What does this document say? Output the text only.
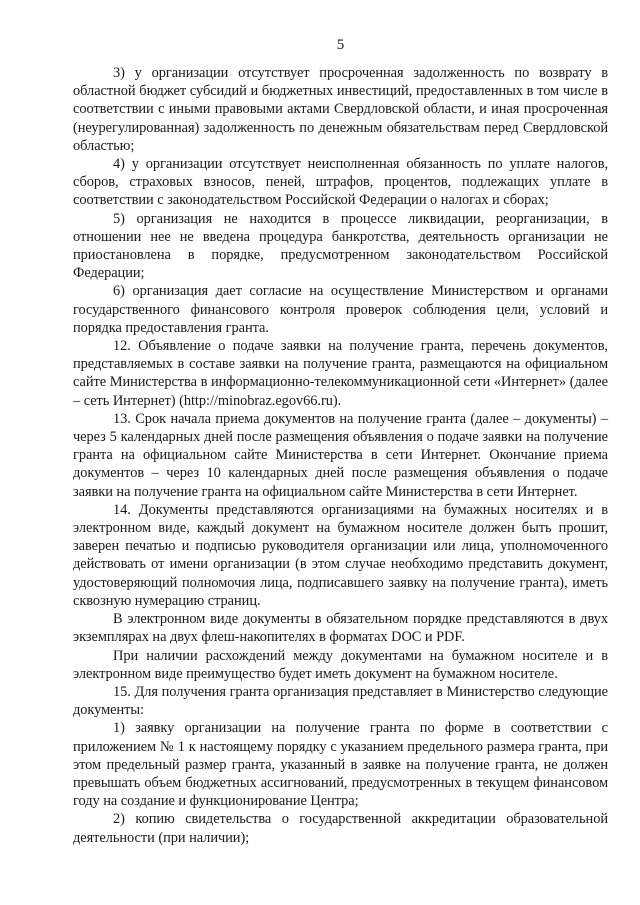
5

3) у организации отсутствует просроченная задолженность по возврату в областной бюджет субсидий и бюджетных инвестиций, предоставленных в том числе в соответствии с иными правовыми актами Свердловской области, и иная просроченная (неурегулированная) задолженность по денежным обязательствам перед Свердловской областью;

4) у организации отсутствует неисполненная обязанность по уплате налогов, сборов, страховых взносов, пеней, штрафов, процентов, подлежащих уплате в соответствии с законодательством Российской Федерации о налогах и сборах;

5) организация не находится в процессе ликвидации, реорганизации, в отношении нее не введена процедура банкротства, деятельность организации не приостановлена в порядке, предусмотренном законодательством Российской Федерации;

6) организация дает согласие на осуществление Министерством и органами государственного финансового контроля проверок соблюдения цели, условий и порядка предоставления гранта.

12. Объявление о подаче заявки на получение гранта, перечень документов, представляемых в составе заявки на получение гранта, размещаются на официальном сайте Министерства в информационно-телекоммуникационной сети «Интернет» (далее – сеть Интернет) (http://minobraz.egov66.ru).

13. Срок начала приема документов на получение гранта (далее – документы) – через 5 календарных дней после размещения объявления о подаче заявки на получение гранта на официальном сайте Министерства в сети Интернет. Окончание приема документов – через 10 календарных дней после размещения объявления о подаче заявки на получение гранта на официальном сайте Министерства в сети Интернет.

14. Документы представляются организациями на бумажных носителях и в электронном виде, каждый документ на бумажном носителе должен быть прошит, заверен печатью и подписью руководителя организации или лица, уполномоченного действовать от имени организации (в этом случае необходимо представить документ, удостоверяющий полномочия лица, подписавшего заявку на получение гранта), иметь сквозную нумерацию страниц.

В электронном виде документы в обязательном порядке представляются в двух экземплярах на двух флеш-накопителях в форматах DOC и PDF.

При наличии расхождений между документами на бумажном носителе и в электронном виде преимущество будет иметь документ на бумажном носителе.

15. Для получения гранта организация представляет в Министерство следующие документы:

1) заявку организации на получение гранта по форме в соответствии с приложением № 1 к настоящему порядку с указанием предельного размера гранта, при этом предельный размер гранта, указанный в заявке на получение гранта, не должен превышать объем бюджетных ассигнований, предусмотренных в текущем финансовом году на создание и функционирование Центра;

2) копию свидетельства о государственной аккредитации образовательной деятельности (при наличии);
